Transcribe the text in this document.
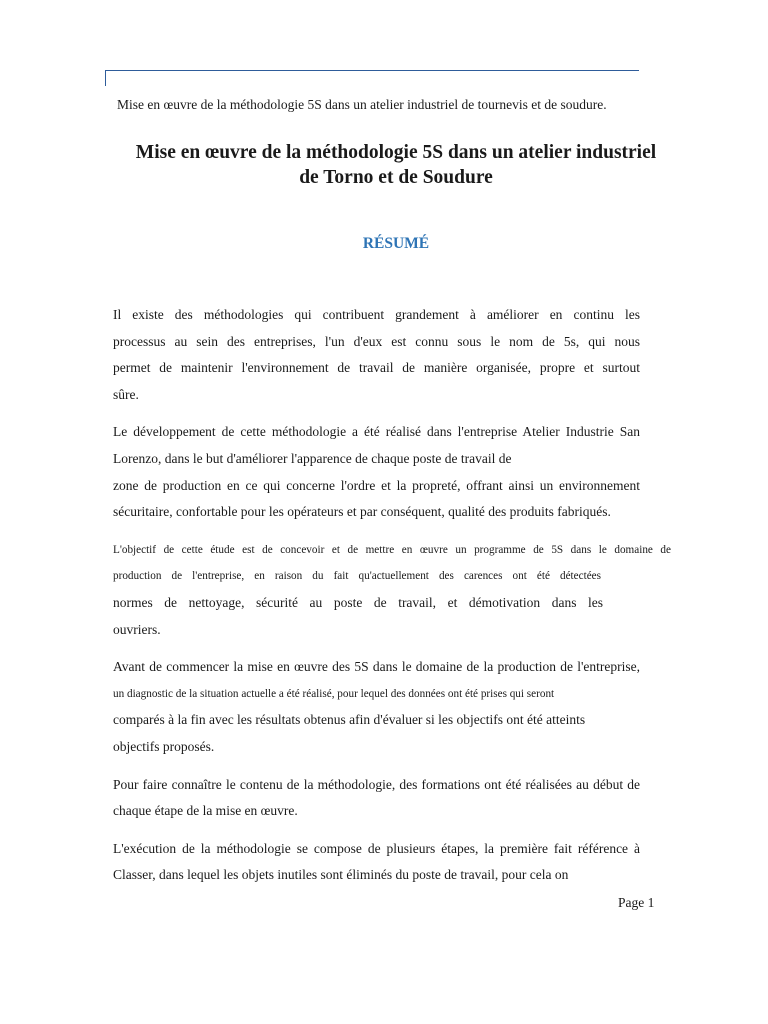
Mise en œuvre de la méthodologie 5S dans un atelier industriel de tournevis et de soudure.
Mise en œuvre de la méthodologie 5S dans un atelier industriel
de Torno et de Soudure
RÉSUMÉ

Il existe des méthodologies qui contribuent grandement à améliorer en continu les
processus au sein des entreprises, l'un d'eux est connu sous le nom de 5s, qui nous
permet de maintenir l'environnement de travail de manière organisée, propre et surtout
sûre.

Le développement de cette méthodologie a été réalisé dans l'entreprise Atelier Industrie San
Lorenzo, dans le but d'améliorer l'apparence de chaque poste de travail de
zone de production en ce qui concerne l'ordre et la propreté, offrant ainsi un environnement
sécuritaire, confortable pour les opérateurs et par conséquent, qualité des produits fabriqués.

L'objectif de cette étude est de concevoir et de mettre en œuvre un programme de 5S dans le domaine de
production de l'entreprise, en raison du fait qu'actuellement des carences ont été détectées
normes de nettoyage, sécurité au poste de travail, et démotivation dans les
ouvriers.

Avant de commencer la mise en œuvre des 5S dans le domaine de la production de l'entreprise,
un diagnostic de la situation actuelle a été réalisé, pour lequel des données ont été prises qui seront
comparés à la fin avec les résultats obtenus afin d'évaluer si les objectifs ont été atteints
objectifs proposés.

Pour faire connaître le contenu de la méthodologie, des formations ont été réalisées au début de
chaque étape de la mise en œuvre.

L'exécution de la méthodologie se compose de plusieurs étapes, la première fait référence à
Classer, dans lequel les objets inutiles sont éliminés du poste de travail, pour cela on

Page 1
